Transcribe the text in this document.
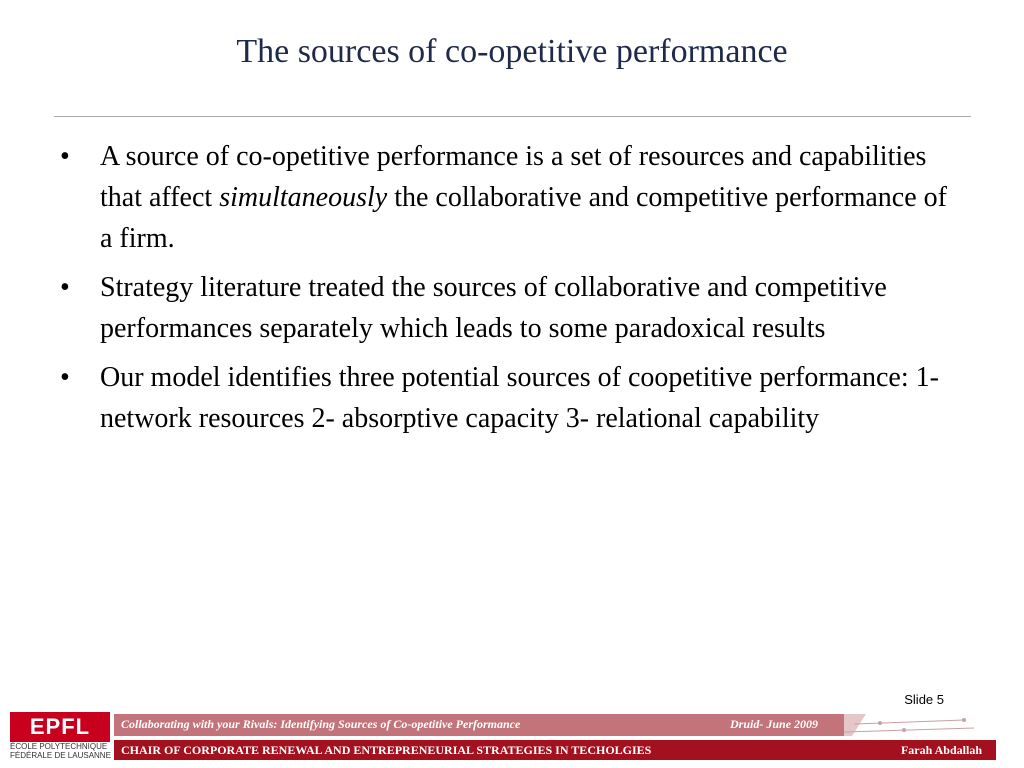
The sources of co-opetitive performance
• A source of co-opetitive performance is a set of resources and capabilities that affect simultaneously the collaborative and competitive performance of a firm.
• Strategy literature treated the sources of collaborative and competitive performances separately which leads to some paradoxical results
• Our model identifies three potential sources of coopetitive performance: 1- network resources 2- absorptive capacity 3- relational capability
Slide 5
EPFL
ÉCOLE POLYTECHNIQUE
FÉDÉRALE DE LAUSANNE
Collaborating with your Rivals: Identifying Sources of Co-opetitive Performance	Druid- June 2009
CHAIR OF CORPORATE RENEWAL AND ENTREPRENEURIAL STRATEGIES IN TECHOLGIES	Farah Abdallah
